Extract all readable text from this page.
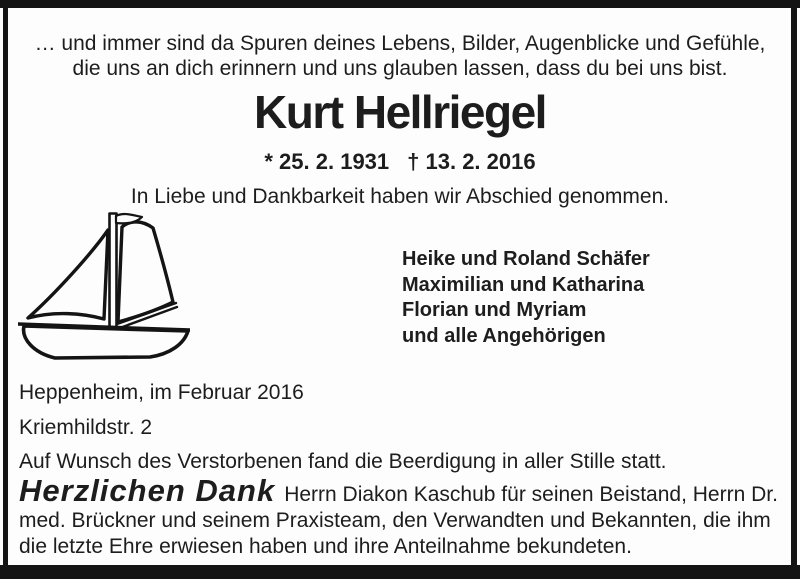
… und immer sind da Spuren deines Lebens, Bilder, Augenblicke und Gefühle,
die uns an dich erinnern und uns glauben lassen, dass du bei uns bist.
Kurt Hellriegel
* 25. 2. 1931 † 13. 2. 2016
In Liebe und Dankbarkeit haben wir Abschied genommen.
Heike und Roland Schäfer
Maximilian und Katharina
Florian und Myriam
und alle Angehörigen
Heppenheim, im Februar 2016
Kriemhildstr. 2
Auf Wunsch des Verstorbenen fand die Beerdigung in aller Stille statt.

Herzlichen Dank Herrn Diakon Kaschub für seinen Beistand, Herrn Dr. med. Brückner und seinem Praxisteam, den Verwandten und Bekannten, die ihm die letzte Ehre erwiesen haben und ihre Anteilnahme bekundeten.
